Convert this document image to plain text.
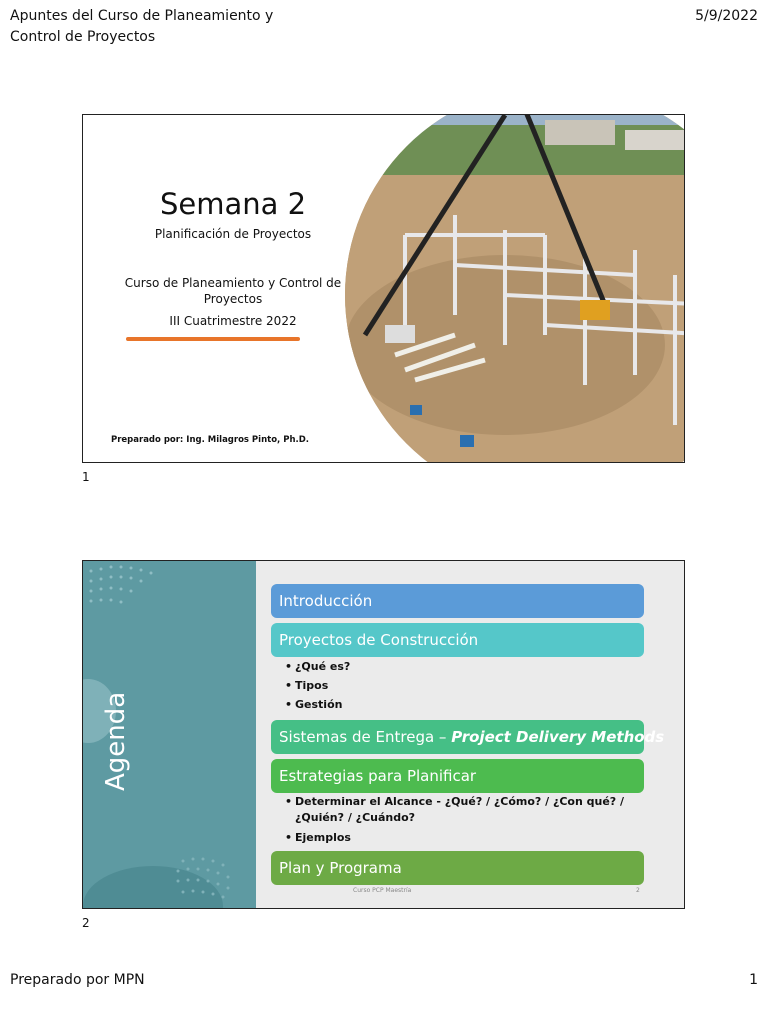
Apuntes del Curso de Planeamiento y Control de Proyectos
5/9/2022
Semana 2
Planificación de Proyectos
Curso de Planeamiento y Control de Proyectos
III Cuatrimestre 2022
Preparado por: Ing. Milagros Pinto, Ph.D.
1
Agenda
Introducción
Proyectos de Construcción
• ¿Qué es?
• Tipos
• Gestión
Sistemas de Entrega – Project Delivery Methods
Estrategias para Planificar
• Determinar el Alcance - ¿Qué? / ¿Cómo? / ¿Con qué? / ¿Quién? / ¿Cuándo?
• Ejemplos
Plan y Programa
Curso PCP Maestría	2
2
Preparado por MPN	1
